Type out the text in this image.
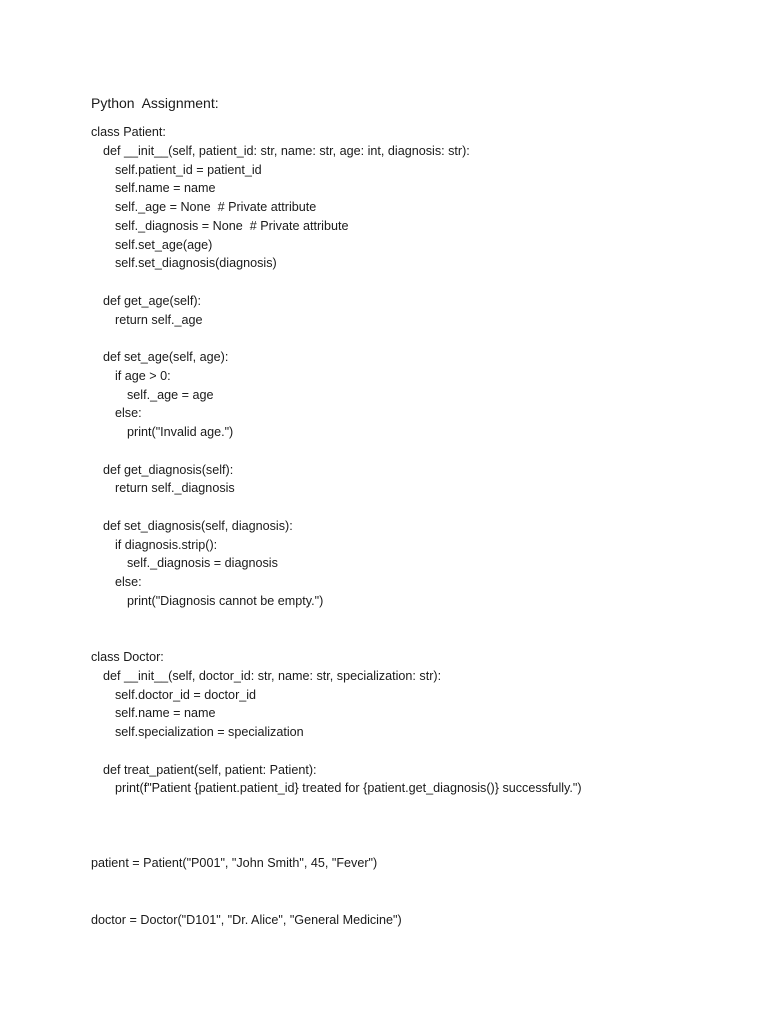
Python  Assignment:
class Patient:
def __init__(self, patient_id: str, name: str, age: int, diagnosis: str):
self.patient_id = patient_id
self.name = name
self._age = None  # Private attribute
self._diagnosis = None  # Private attribute
self.set_age(age)
self.set_diagnosis(diagnosis)
def get_age(self):
return self._age
def set_age(self, age):
if age > 0:
self._age = age
else:
print("Invalid age.")
def get_diagnosis(self):
return self._diagnosis
def set_diagnosis(self, diagnosis):
if diagnosis.strip():
self._diagnosis = diagnosis
else:
print("Diagnosis cannot be empty.")
class Doctor:
def __init__(self, doctor_id: str, name: str, specialization: str):
self.doctor_id = doctor_id
self.name = name
self.specialization = specialization
def treat_patient(self, patient: Patient):
print(f"Patient {patient.patient_id} treated for {patient.get_diagnosis()} successfully.")
patient = Patient("P001", "John Smith", 45, "Fever")
doctor = Doctor("D101", "Dr. Alice", "General Medicine")
